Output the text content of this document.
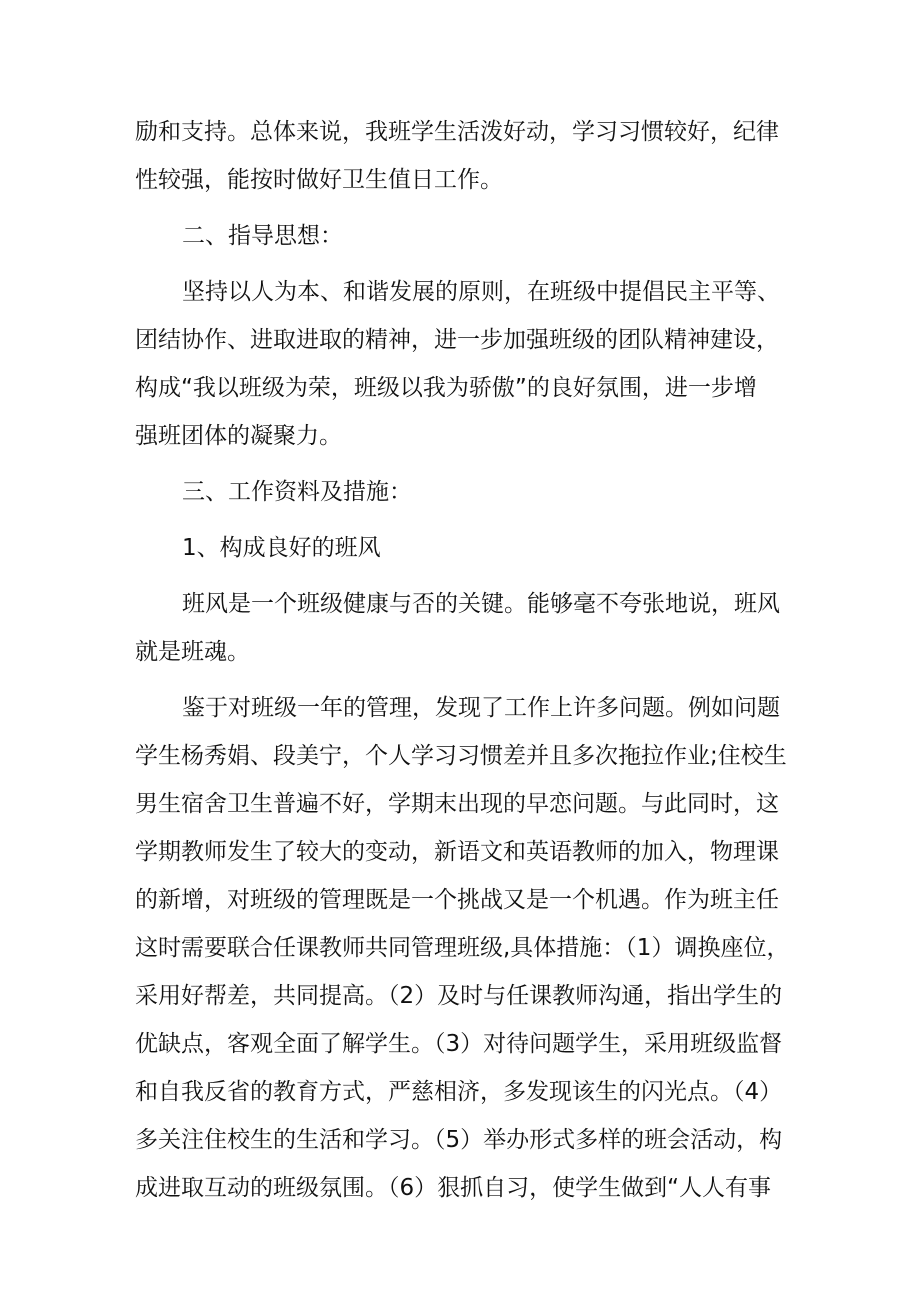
励和支持。总体来说，我班学生活泼好动，学习习惯较好，纪律
性较强，能按时做好卫生值日工作。
二、指导思想：
坚持以人为本、和谐发展的原则，在班级中提倡民主平等、
团结协作、进取进取的精神，进一步加强班级的团队精神建设，
构成“我以班级为荣，班级以我为骄傲”的良好氛围，进一步增
强班团体的凝聚力。
三、工作资料及措施：
1、构成良好的班风
班风是一个班级健康与否的关键。能够毫不夸张地说，班风
就是班魂。
鉴于对班级一年的管理，发现了工作上许多问题。例如问题
学生杨秀娟、段美宁，个人学习习惯差并且多次拖拉作业;住校生
男生宿舍卫生普遍不好，学期末出现的早恋问题。与此同时，这
学期教师发生了较大的变动，新语文和英语教师的加入，物理课
的新增，对班级的管理既是一个挑战又是一个机遇。作为班主任
这时需要联合任课教师共同管理班级,具体措施：（1）调换座位，
采用好帮差，共同提高。（2）及时与任课教师沟通，指出学生的
优缺点，客观全面了解学生。（3）对待问题学生，采用班级监督
和自我反省的教育方式，严慈相济，多发现该生的闪光点。（4）
多关注住校生的生活和学习。（5）举办形式多样的班会活动，构
成进取互动的班级氛围。（6）狠抓自习，使学生做到“人人有事
